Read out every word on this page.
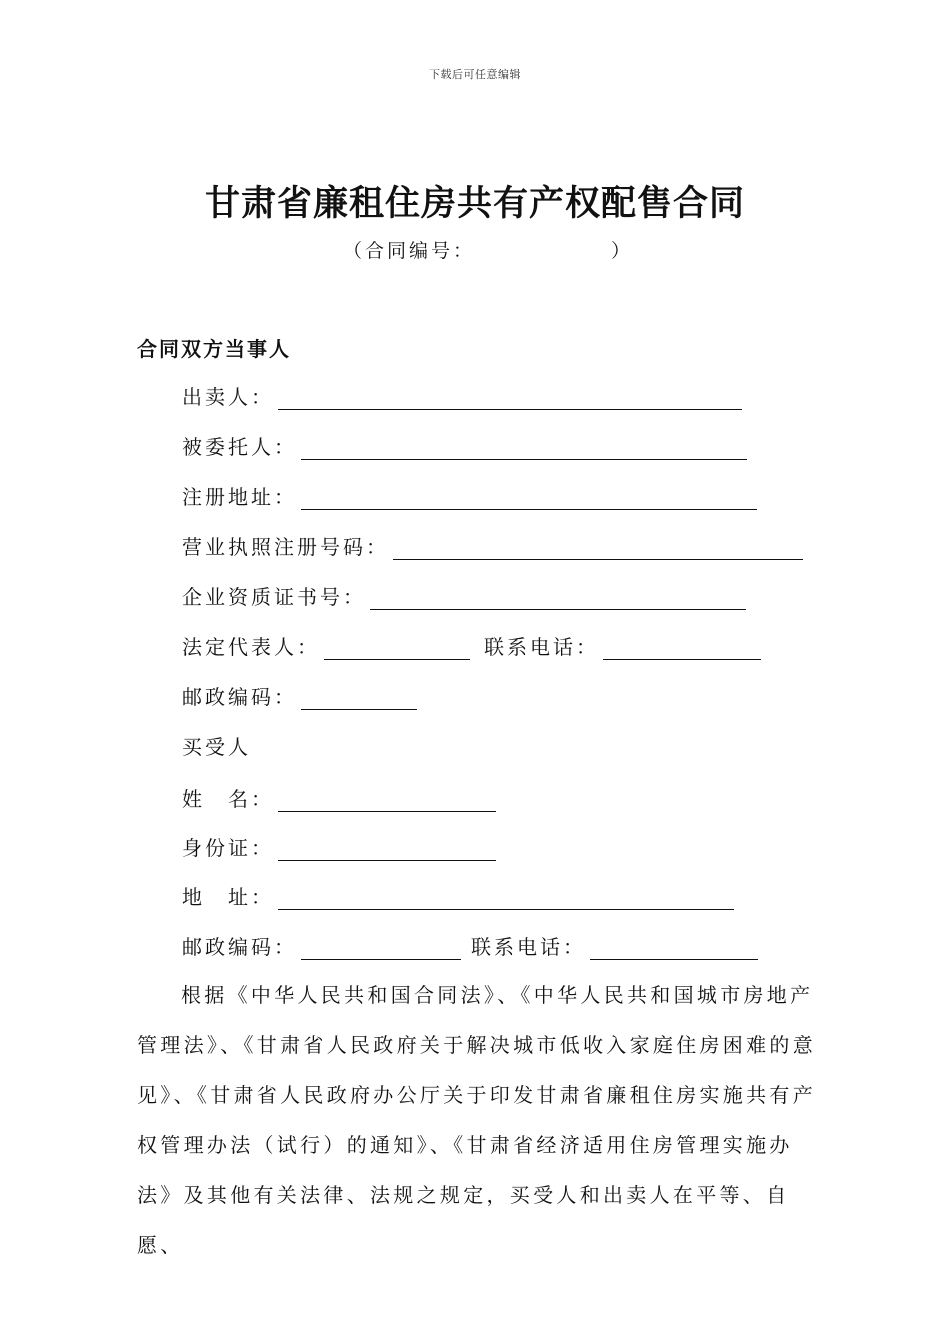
下载后可任意编辑
甘肃省廉租住房共有产权配售合同
（合同编号：	）
合同双方当事人
出卖人：
被委托人：
注册地址：
营业执照注册号码：
企业资质证书号：
法定代表人：	联系电话：
邮政编码：
买受人
姓　名：
身份证：
地　址：
邮政编码：	联系电话：

根据《中华人民共和国合同法》、《中华人民共和国城市房地产管理法》、《甘肃省人民政府关于解决城市低收入家庭住房困难的意见》、《甘肃省人民政府办公厅关于印发甘肃省廉租住房实施共有产权管理办法（试行）的通知》、《甘肃省经济适用住房管理实施办法》及其他有关法律、法规之规定，买受人和出卖人在平等、自愿、
